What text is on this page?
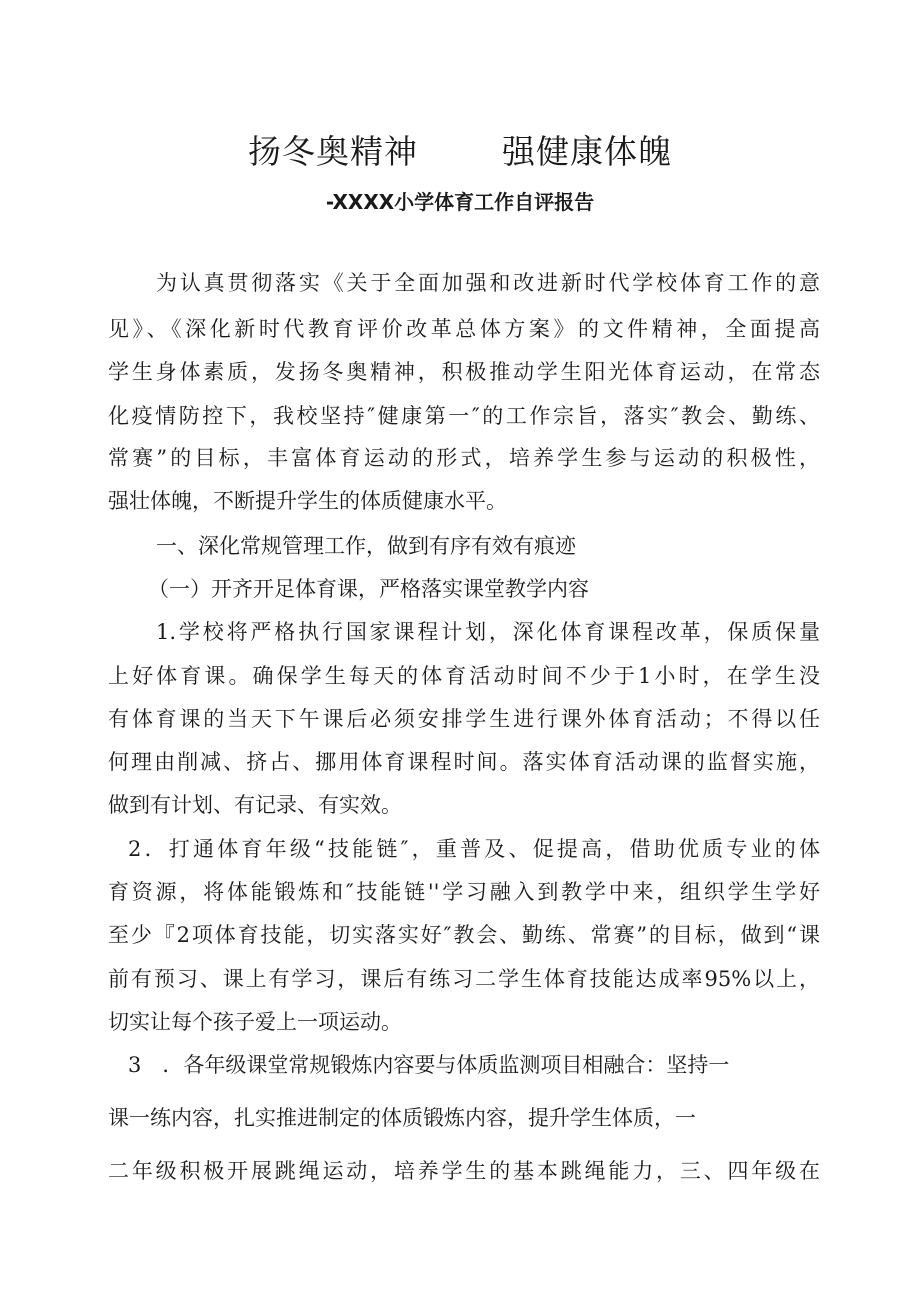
扬冬奥精神	强健康体魄

-XXXX小学体育工作自评报告

为认真贯彻落实《关于全面加强和改进新时代学校体育工作的意

见》、《深化新时代教育评价改革总体方案》的文件精神，全面提高

学生身体素质，发扬冬奥精神，积极推动学生阳光体育运动，在常态

化疫情防控下，我校坚持″健康第一″的工作宗旨，落实″教会、勤练、

常赛”的目标，丰富体育运动的形式，培养学生参与运动的积极性，

强壮体魄，不断提升学生的体质健康水平。

一、深化常规管理工作，做到有序有效有痕迹

（一）开齐开足体育课，严格落实课堂教学内容

1.学校将严格执行国家课程计划，深化体育课程改革，保质保量

上好体育课。确保学生每天的体育活动时间不少于1小时，在学生没

有体育课的当天下午课后必须安排学生进行课外体育活动；不得以任

何理由削减、挤占、挪用体育课程时间。落实体育活动课的监督实施，

做到有计划、有记录、有实效。

2．打通体育年级“技能链″，重普及、促提高，借助优质专业的体

育资源，将体能锻炼和″技能链''学习融入到教学中来，组织学生学好

至少『2项体育技能，切实落实好″教会、勤练、常赛”的目标，做到“课

前有预习、课上有学习，课后有练习二学生体育技能达成率95%以上，

切实让每个孩子爱上一项运动。

3　．各年级课堂常规锻炼内容要与体质监测项目相融合：坚持一

课一练内容，扎实推进制定的体质锻炼内容，提升学生体质，一

二年级积极开展跳绳运动，培养学生的基本跳绳能力，三、四年级在
